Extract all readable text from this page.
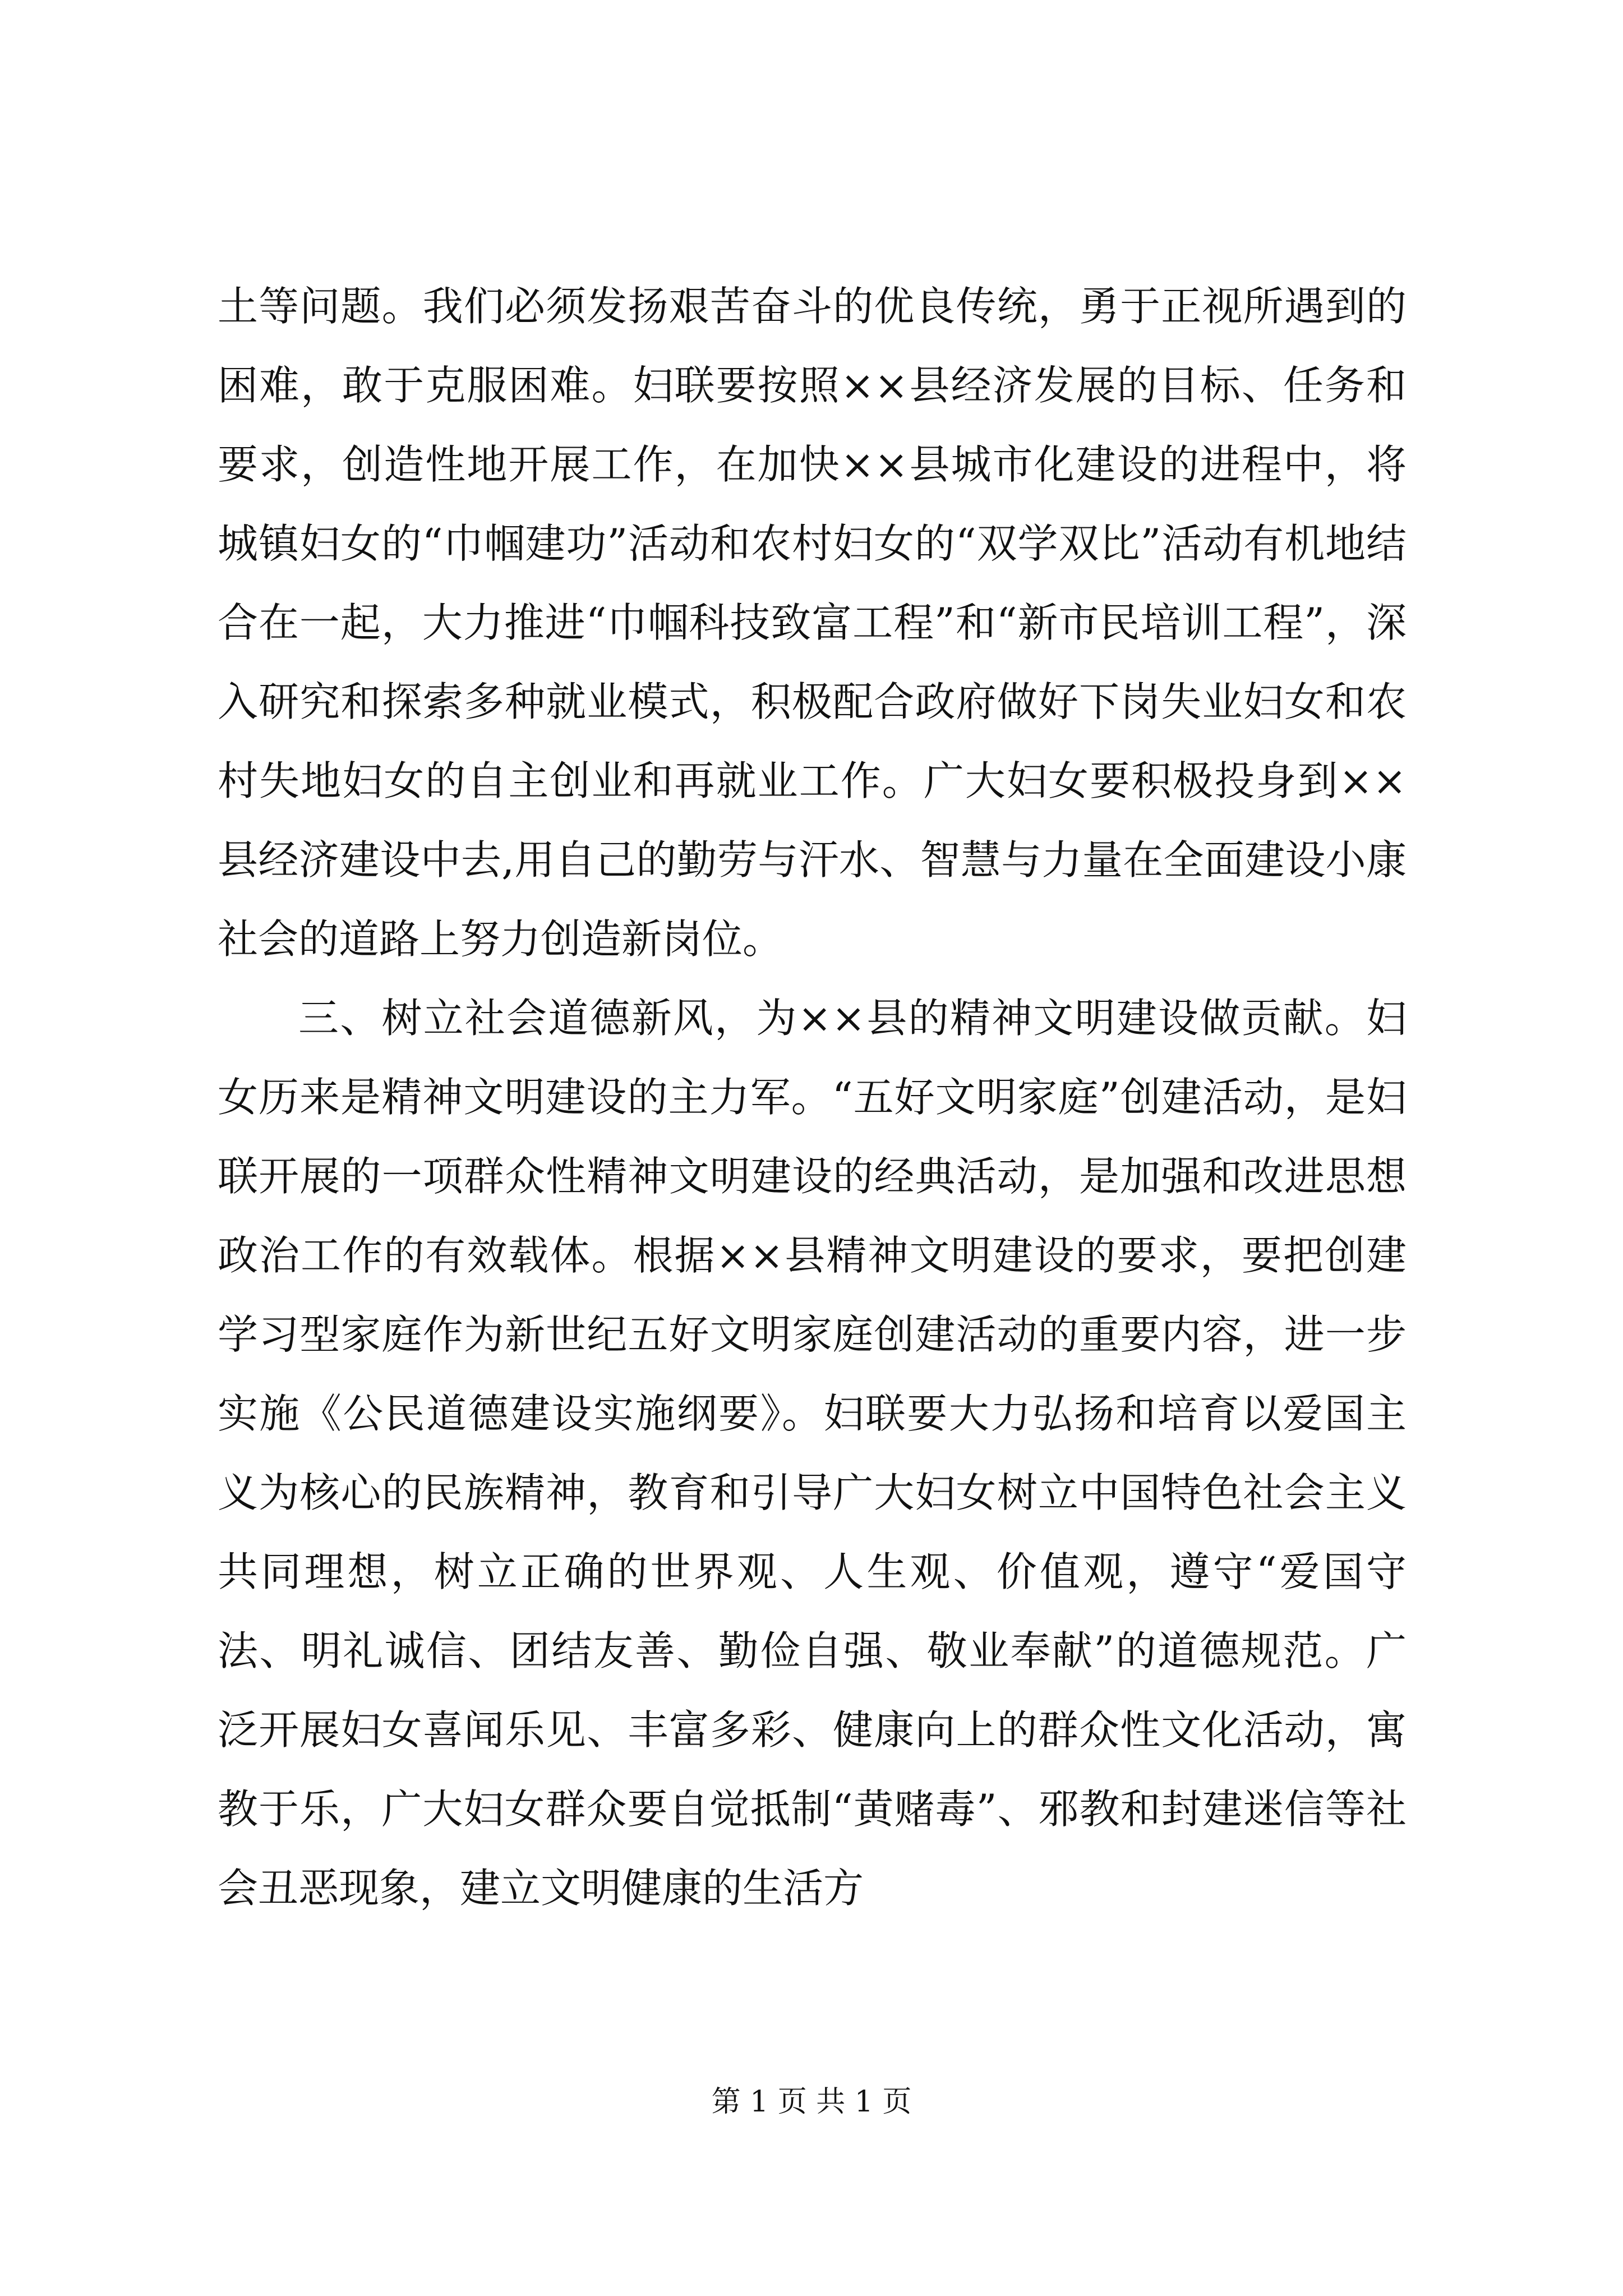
土等问题。我们必须发扬艰苦奋斗的优良传统，勇于正视所遇到的困难，敢于克服困难。妇联要按照××县经济发展的目标、任务和要求，创造性地开展工作，在加快××县城市化建设的进程中，将城镇妇女的“巾帼建功”活动和农村妇女的“双学双比”活动有机地结合在一起，大力推进“巾帼科技致富工程”和“新市民培训工程”，深入研究和探索多种就业模式，积极配合政府做好下岗失业妇女和农村失地妇女的自主创业和再就业工作。广大妇女要积极投身到××县经济建设中去,用自己的勤劳与汗水、智慧与力量在全面建设小康社会的道路上努力创造新岗位。

三、树立社会道德新风，为××县的精神文明建设做贡献。妇女历来是精神文明建设的主力军。“五好文明家庭”创建活动，是妇联开展的一项群众性精神文明建设的经典活动，是加强和改进思想政治工作的有效载体。根据××县精神文明建设的要求，要把创建学习型家庭作为新世纪五好文明家庭创建活动的重要内容，进一步实施《公民道德建设实施纲要》。妇联要大力弘扬和培育以爱国主义为核心的民族精神，教育和引导广大妇女树立中国特色社会主义共同理想，树立正确的世界观、人生观、价值观，遵守“爱国守法、明礼诚信、团结友善、勤俭自强、敬业奉献”的道德规范。广泛开展妇女喜闻乐见、丰富多彩、健康向上的群众性文化活动，寓教于乐，广大妇女群众要自觉抵制“黄赌毒”、邪教和封建迷信等社会丑恶现象，建立文明健康的生活方

第 1 页 共 1 页
